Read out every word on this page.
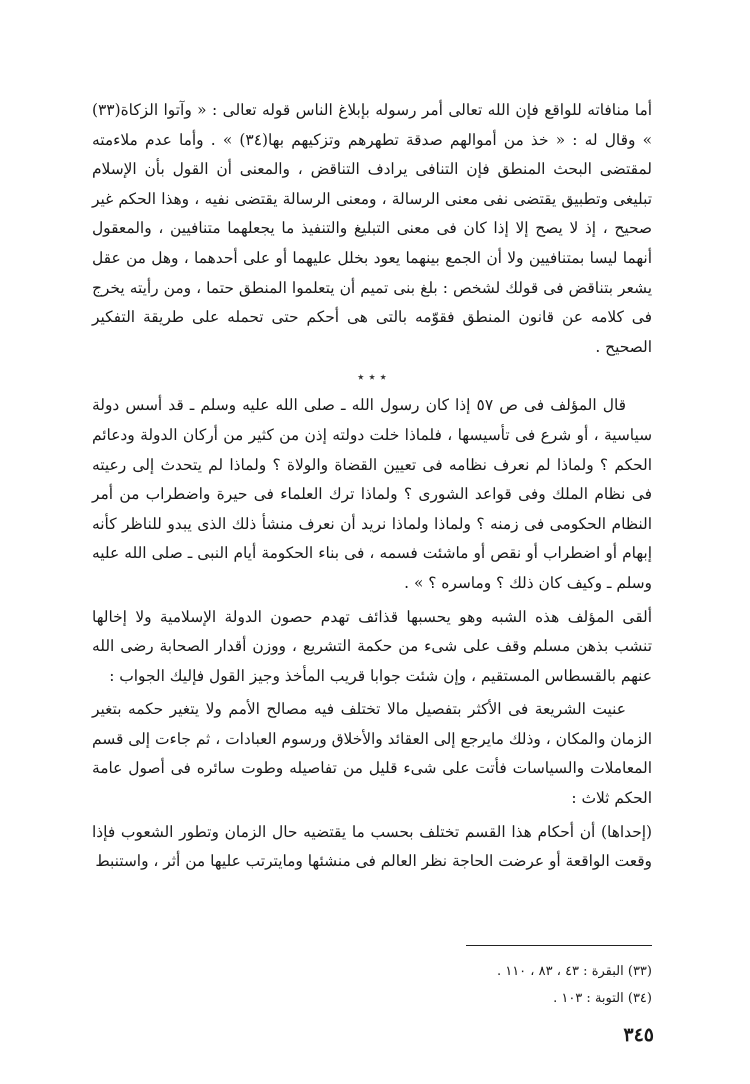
أما منافاته للواقع فإن الله تعالى أمر رسوله بإبلاغ الناس قوله تعالى : « وآتوا الزكاة(٣٣) » وقال له : « خذ من أموالهم صدقة تطهرهم وتزكيهم بها(٣٤) » . وأما عدم ملاءمته لمقتضى البحث المنطق فإن التنافى يرادف التناقض ، والمعنى أن القول بأن الإسلام تبليغى وتطبيق يقتضى نفى معنى الرسالة ، ومعنى الرسالة يقتضى نفيه ، وهذا الحكم غير صحيح ، إذ لا يصح إلا إذا كان فى معنى التبليغ والتنفيذ ما يجعلهما متنافيين ، والمعقول أنهما ليسا بمتنافيين ولا أن الجمع بينهما يعود بخلل عليهما أو على أحدهما ، وهل من عقل يشعر بتناقض فى قولك لشخص : بلغ بنى تميم أن يتعلموا المنطق حتما ، ومن رأيته يخرج فى كلامه عن قانون المنطق فقوّمه بالتى هى أحكم حتى تحمله على طريقة التفكير الصحيح .

٭ ٭ ٭

قال المؤلف فى ص ٥٧ إذا كان رسول الله ـ صلى الله عليه وسلم ـ قد أسس دولة سياسية ، أو شرع فى تأسيسها ، فلماذا خلت دولته إذن من كثير من أركان الدولة ودعائم الحكم ؟ ولماذا لم نعرف نظامه فى تعيين القضاة والولاة ؟ ولماذا لم يتحدث إلى رعيته فى نظام الملك وفى قواعد الشورى ؟ ولماذا ترك العلماء فى حيرة واضطراب من أمر النظام الحكومى فى زمنه ؟ ولماذا ولماذا نريد أن نعرف منشأ ذلك الذى يبدو للناظر كأنه إبهام أو اضطراب أو نقص أو ماشئت فسمه ، فى بناء الحكومة أيام النبى ـ صلى الله عليه وسلم ـ وكيف كان ذلك ؟ وماسره ؟ » .

ألقى المؤلف هذه الشبه وهو يحسبها قذائف تهدم حصون الدولة الإسلامية ولا إخالها تنشب بذهن مسلم وقف على شىء من حكمة التشريع ، ووزن أقدار الصحابة رضى الله عنهم بالقسطاس المستقيم ، وإن شئت جوابا قريب المأخذ وجيز القول فإليك الجواب :

عنيت الشريعة فى الأكثر بتفصيل مالا تختلف فيه مصالح الأمم ولا يتغير حكمه بتغير الزمان والمكان ، وذلك مايرجع إلى العقائد والأخلاق ورسوم العبادات ، ثم جاءت إلى قسم المعاملات والسياسات فأتت على شىء قليل من تفاصيله وطوت سائره فى أصول عامة الحكم ثلاث :

(إحداها) أن أحكام هذا القسم تختلف بحسب ما يقتضيه حال الزمان وتطور الشعوب فإذا وقعت الواقعة أو عرضت الحاجة نظر العالم فى منشئها ومايترتب عليها من أثر ، واستنبط

(٣٣) البقرة : ٤٣ ، ٨٣ ، ١١٠ .
(٣٤) التوبة : ١٠٣ .
٣٤٥
